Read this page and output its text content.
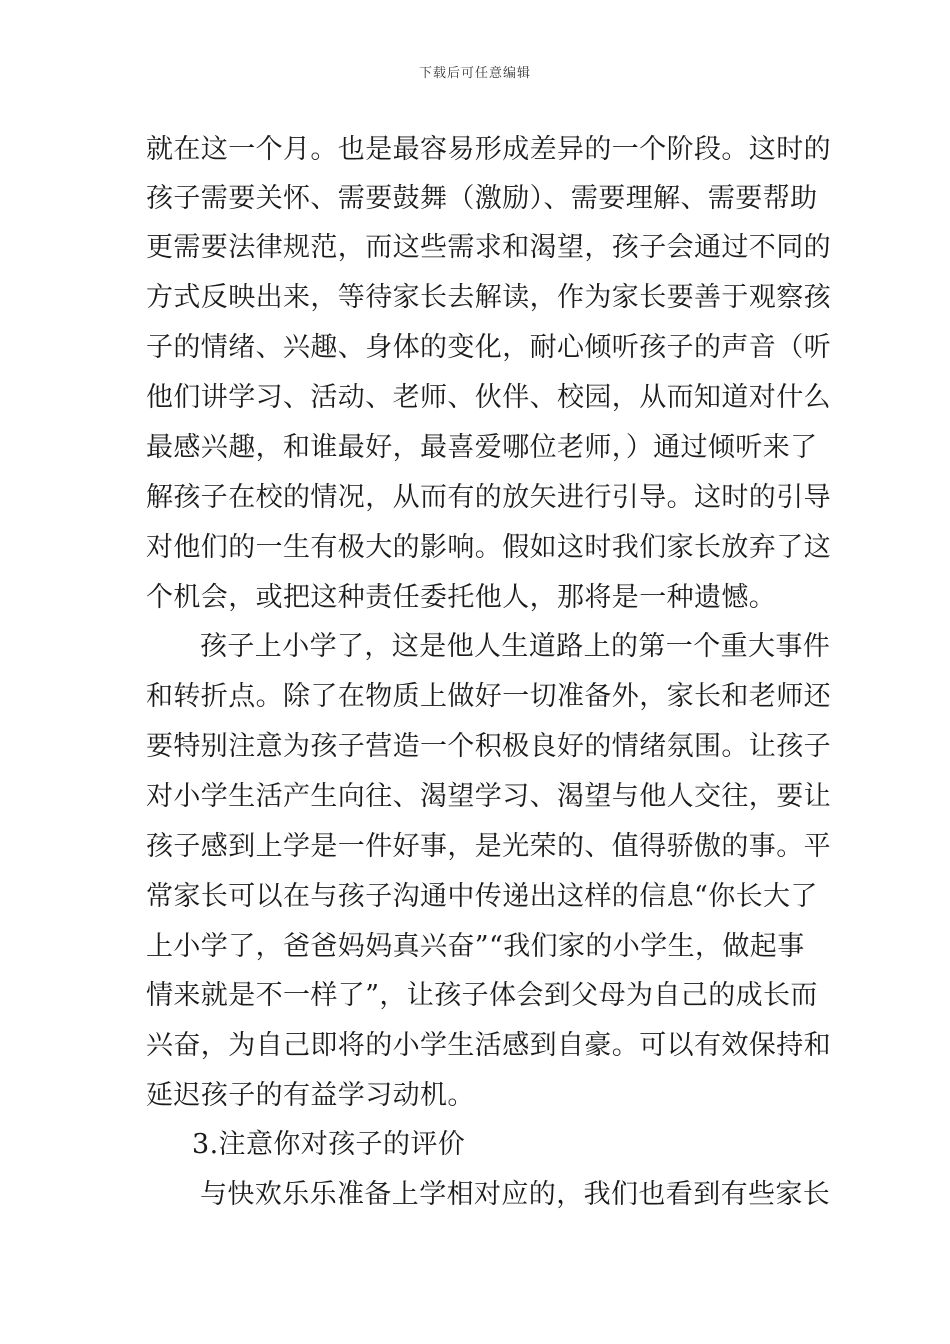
下载后可任意编辑
就在这一个月。也是最容易形成差异的一个阶段。这时的
孩子需要关怀、需要鼓舞（激励）、需要理解、需要帮助
更需要法律规范，而这些需求和渴望，孩子会通过不同的
方式反映出来，等待家长去解读，作为家长要善于观察孩
子的情绪、兴趣、身体的变化，耐心倾听孩子的声音（听
他们讲学习、活动、老师、伙伴、校园，从而知道对什么
最感兴趣，和谁最好，最喜爱哪位老师，）通过倾听来了
解孩子在校的情况，从而有的放矢进行引导。这时的引导
对他们的一生有极大的影响。假如这时我们家长放弃了这
个机会，或把这种责任委托他人，那将是一种遗憾。
孩子上小学了，这是他人生道路上的第一个重大事件
和转折点。除了在物质上做好一切准备外，家长和老师还
要特别注意为孩子营造一个积极良好的情绪氛围。让孩子
对小学生活产生向往、渴望学习、渴望与他人交往，要让
孩子感到上学是一件好事，是光荣的、值得骄傲的事。平
常家长可以在与孩子沟通中传递出这样的信息“你长大了
上小学了，爸爸妈妈真兴奋”“我们家的小学生，做起事
情来就是不一样了”，让孩子体会到父母为自己的成长而
兴奋，为自己即将的小学生活感到自豪。可以有效保持和
延迟孩子的有益学习动机。
3.注意你对孩子的评价
与快欢乐乐准备上学相对应的，我们也看到有些家长
